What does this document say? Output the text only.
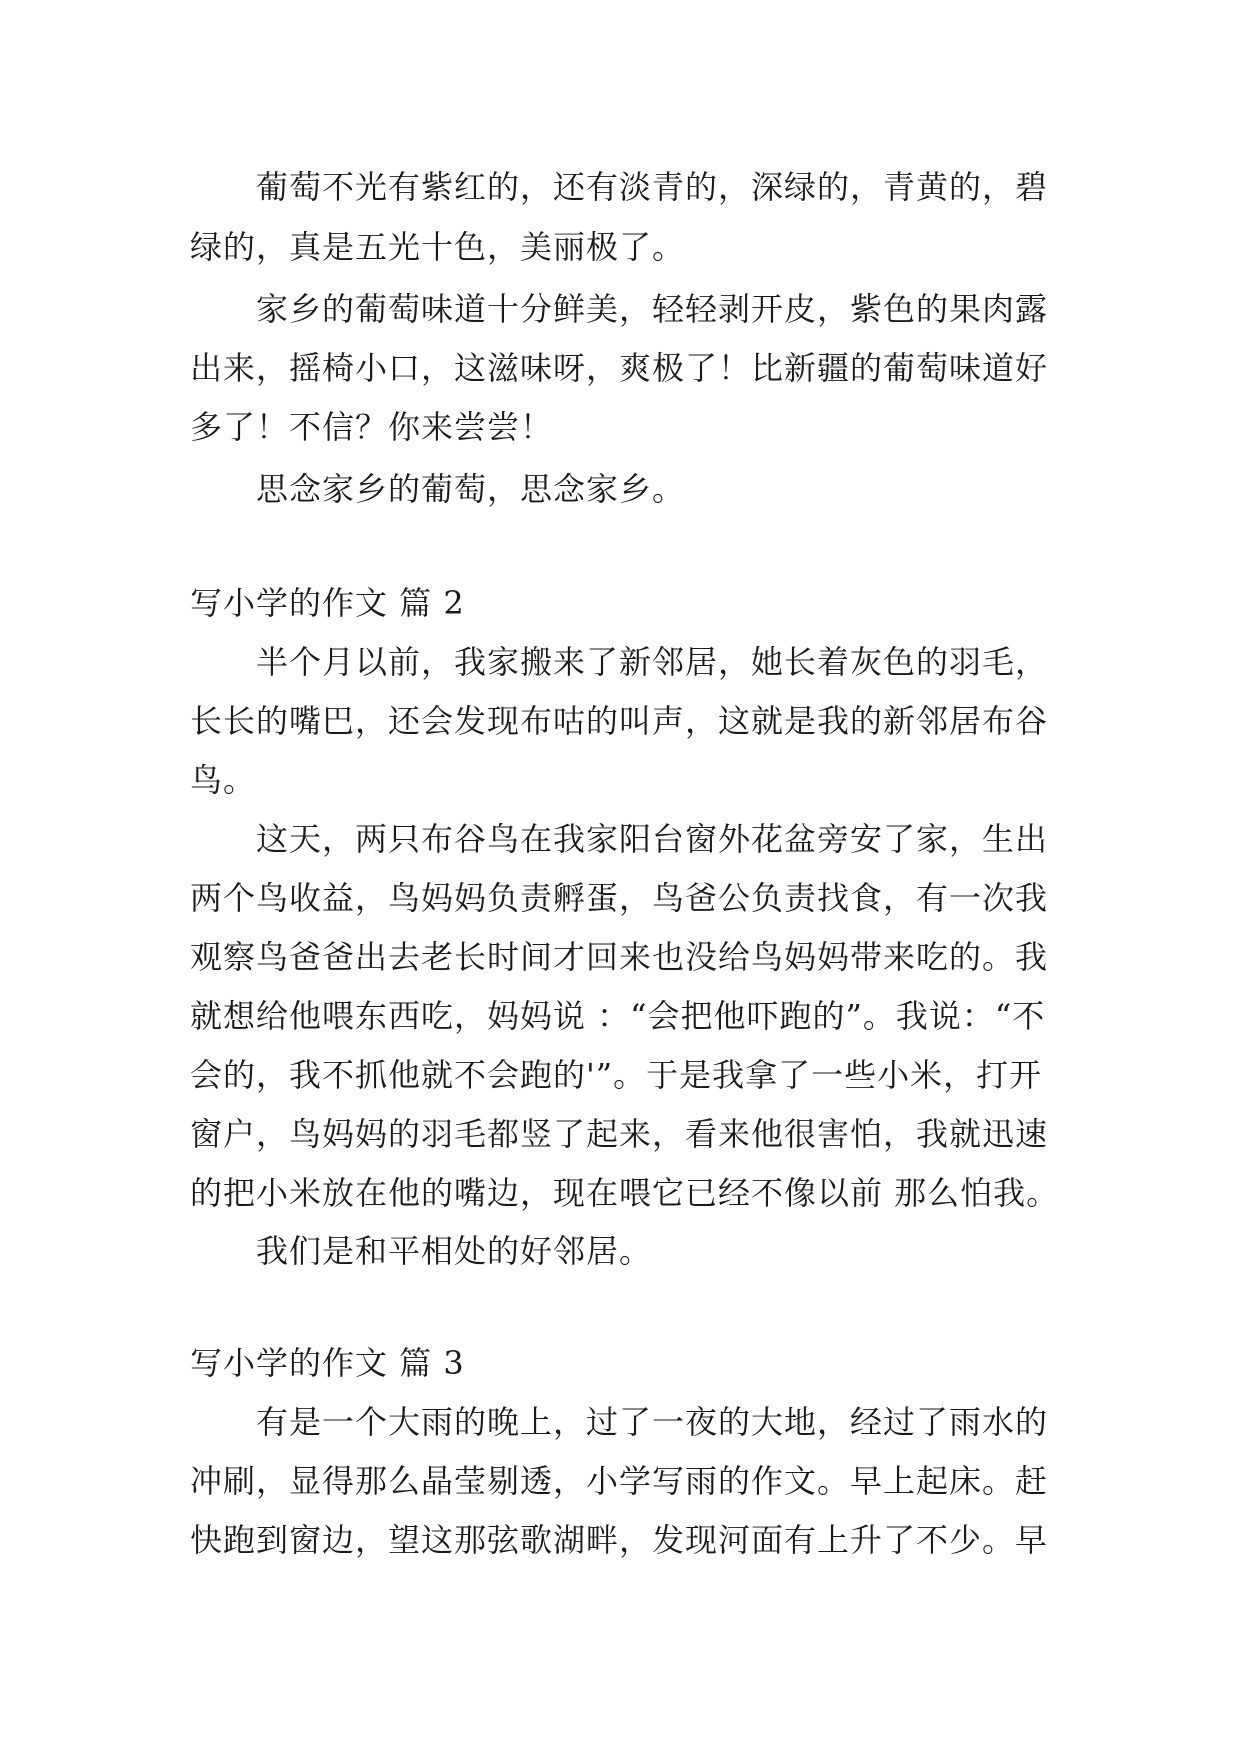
葡萄不光有紫红的，还有淡青的，深绿的，青黄的，碧
绿的，真是五光十色，美丽极了。
家乡的葡萄味道十分鲜美，轻轻剥开皮，紫色的果肉露
出来，摇椅小口，这滋味呀，爽极了！比新疆的葡萄味道好
多了！不信？你来尝尝！
思念家乡的葡萄，思念家乡。
写小学的作文 篇 2
半个月以前，我家搬来了新邻居，她长着灰色的羽毛，
长长的嘴巴，还会发现布咕的叫声，这就是我的新邻居布谷
鸟。
这天，两只布谷鸟在我家阳台窗外花盆旁安了家，生出
两个鸟收益，鸟妈妈负责孵蛋，鸟爸公负责找食，有一次我
观察鸟爸爸出去老长时间才回来也没给鸟妈妈带来吃的。我
就想给他喂东西吃，妈妈说 ：“会把他吓跑的”。我说：“不
会的，我不抓他就不会跑的'”。于是我拿了一些小米，打开
窗户，鸟妈妈的羽毛都竖了起来，看来他很害怕，我就迅速
的把小米放在他的嘴边，现在喂它已经不像以前 那么怕我。
我们是和平相处的好邻居。
写小学的作文 篇 3
有是一个大雨的晚上，过了一夜的大地，经过了雨水的
冲刷，显得那么晶莹剔透，小学写雨的作文。早上起床。赶
快跑到窗边，望这那弦歌湖畔，发现河面有上升了不少。早
